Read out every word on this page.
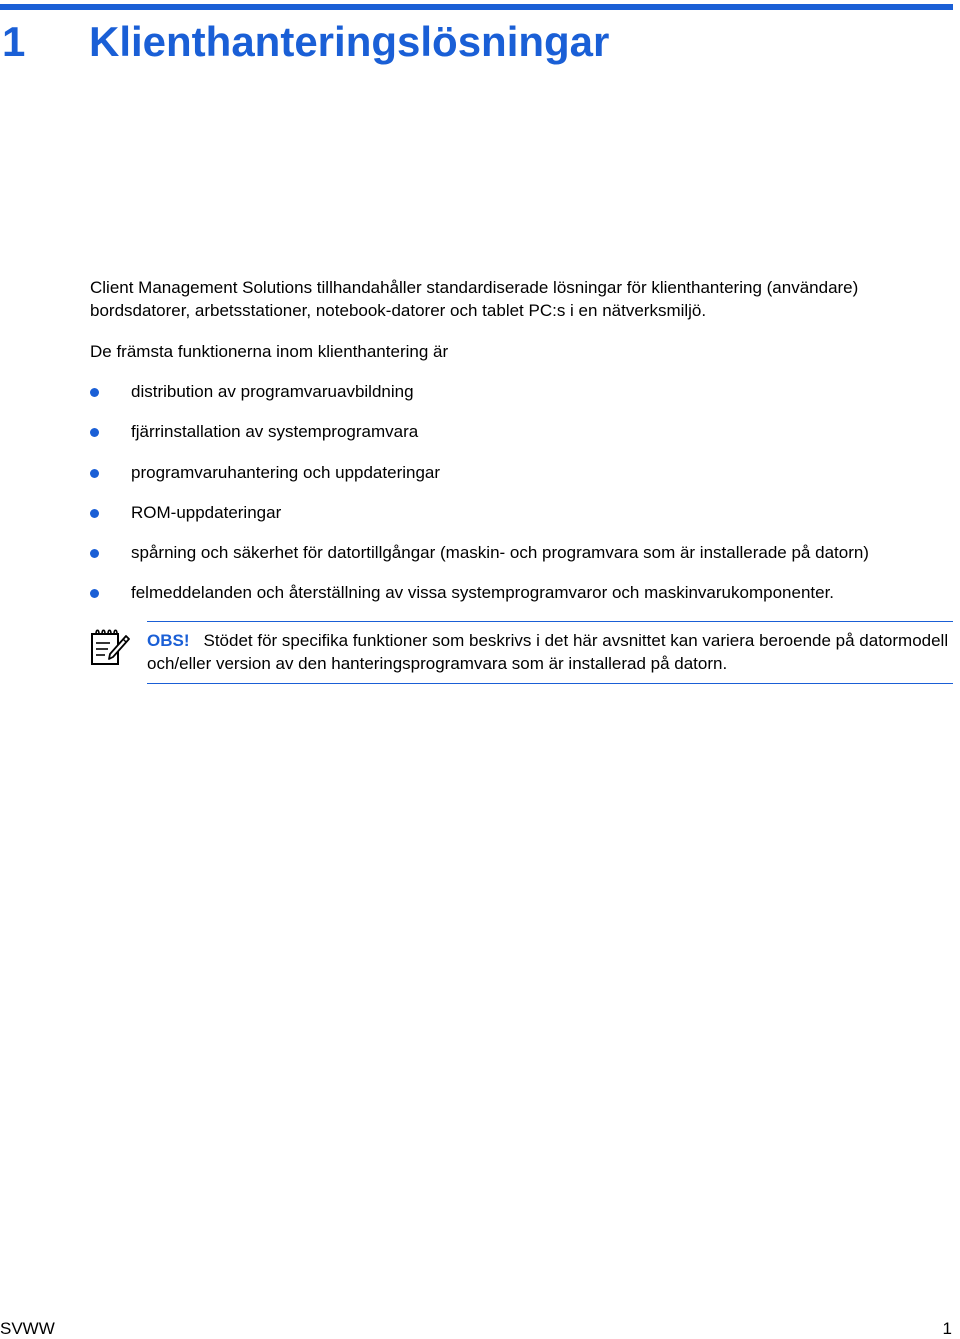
1 Klienthanteringslösningar

Client Management Solutions tillhandahåller standardiserade lösningar för klienthantering (användare) bordsdatorer, arbetsstationer, notebook-datorer och tablet PC:s i en nätverksmiljö.

De främsta funktionerna inom klienthantering är

distribution av programvaruavbildning
fjärrinstallation av systemprogramvara
programvaruhantering och uppdateringar
ROM-uppdateringar
spårning och säkerhet för datortillgångar (maskin- och programvara som är installerade på datorn)
felmeddelanden och återställning av vissa systemprogramvaror och maskinvarukomponenter.

OBS! Stödet för specifika funktioner som beskrivs i det här avsnittet kan variera beroende på datormodell och/eller version av den hanteringsprogramvara som är installerad på datorn.

SVWW	1
